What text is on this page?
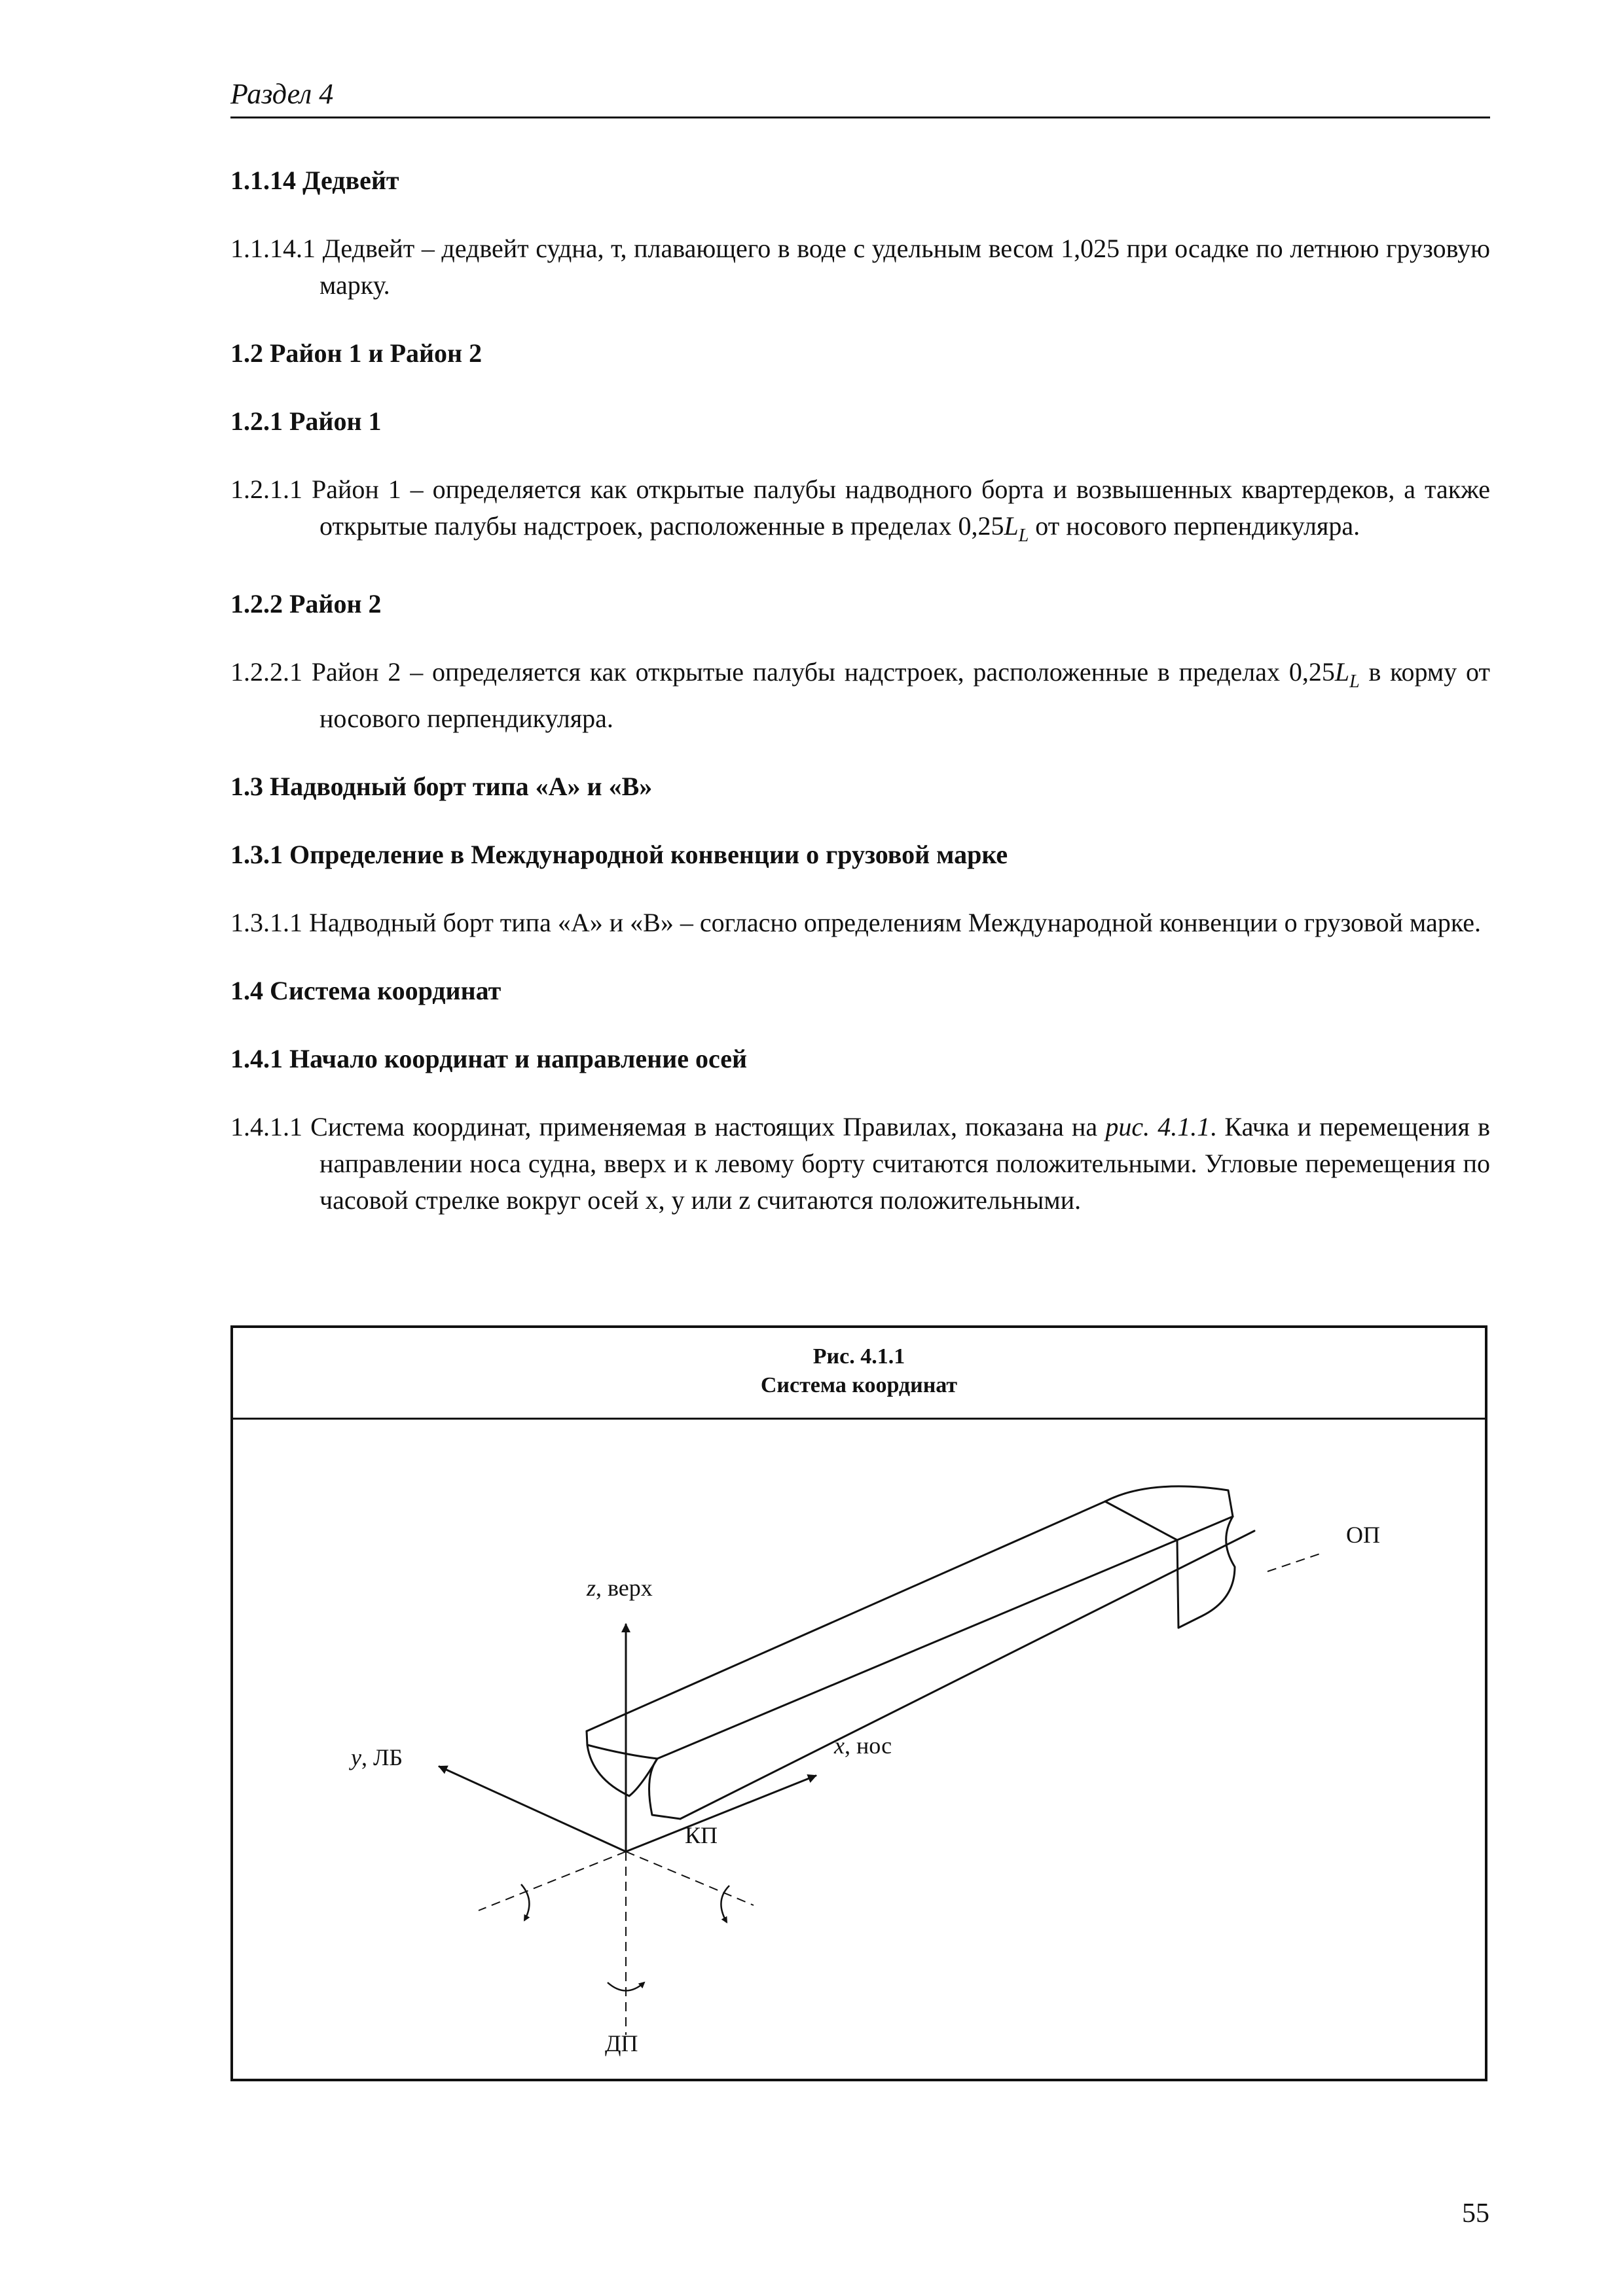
Раздел 4

1.1.14 Дедвейт

1.1.14.1 Дедвейт – дедвейт судна, т, плавающего в воде с удельным весом 1,025 при осадке по летнюю грузовую марку.

1.2 Район 1 и Район 2

1.2.1 Район 1

1.2.1.1 Район 1 – определяется как открытые палубы надводного борта и возвышенных квартердеков, а также открытые палубы надстроек, расположенные в пределах $0,25L_L$ от носового перпендикуляра.

1.2.2 Район 2

1.2.2.1 Район 2 – определяется как открытые палубы надстроек, расположенные в пределах $0,25L_L$ в корму от носового перпендикуляра.

1.3 Надводный борт типа «А» и «В»

1.3.1 Определение в Международной конвенции о грузовой марке

1.3.1.1 Надводный борт типа «А» и «В» – согласно определениям Международной конвенции о грузовой марке.

1.4 Система координат

1.4.1 Начало координат и направление осей

1.4.1.1 Система координат, применяемая в настоящих Правилах, показана на рис. 4.1.1. Качка и перемещения в направлении носа судна, вверх и к левому борту считаются положительными. Угловые перемещения по часовой стрелке вокруг осей x, y или z считаются положительными.

Рис. 4.1.1
Система координат
z, верх
y, ЛБ	x, нос
КП
ОП
ДП
55
